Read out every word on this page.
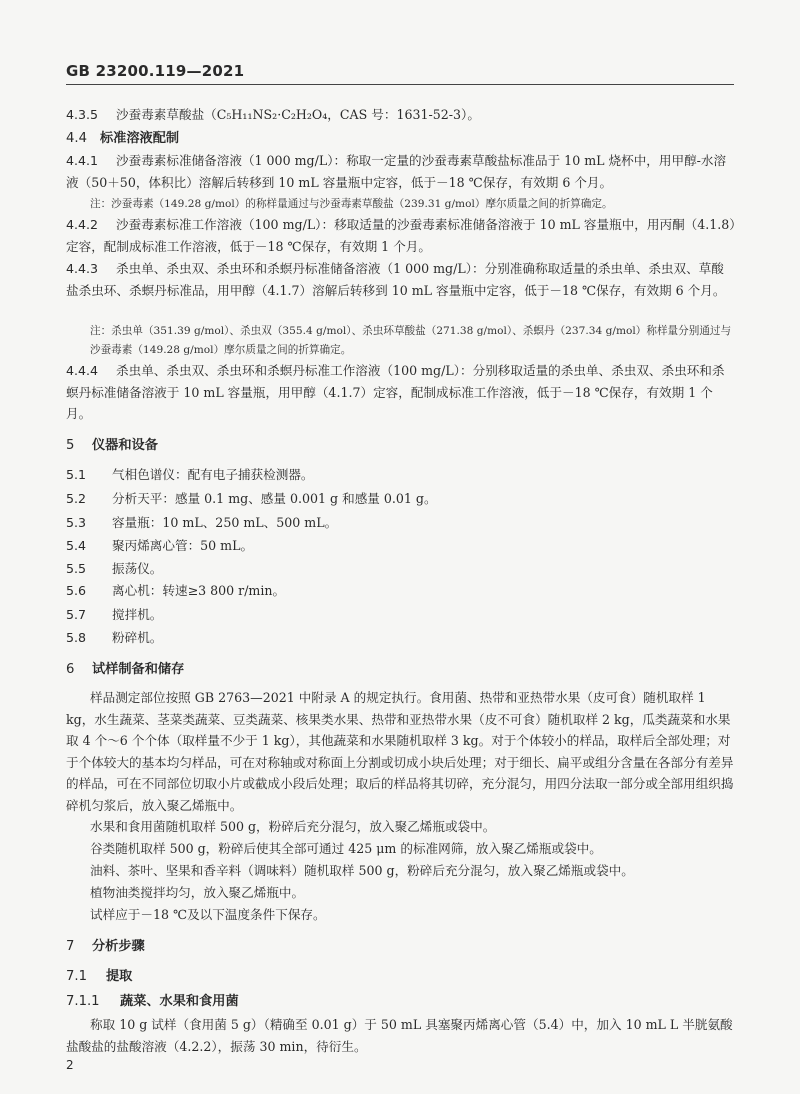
GB 23200.119—2021
4.3.5 沙蚕毒素草酸盐（C₅H₁₁NS₂·C₂H₂O₄，CAS 号：1631-52-3）。
4.4 标准溶液配制
4.4.1 沙蚕毒素标准储备溶液（1 000 mg/L）：称取一定量的沙蚕毒素草酸盐标准品于 10 mL 烧杯中，用甲醇-水溶液（50＋50，体积比）溶解后转移到 10 mL 容量瓶中定容，低于－18 ℃保存，有效期 6 个月。
注：沙蚕毒素（149.28 g/mol）的称样量通过与沙蚕毒素草酸盐（239.31 g/mol）摩尔质量之间的折算确定。
4.4.2 沙蚕毒素标准工作溶液（100 mg/L）：移取适量的沙蚕毒素标准储备溶液于 10 mL 容量瓶中，用丙酮（4.1.8）定容，配制成标准工作溶液，低于－18 ℃保存，有效期 1 个月。
4.4.3 杀虫单、杀虫双、杀虫环和杀螟丹标准储备溶液（1 000 mg/L）：分别准确称取适量的杀虫单、杀虫双、草酸盐杀虫环、杀螟丹标准品，用甲醇（4.1.7）溶解后转移到 10 mL 容量瓶中定容，低于－18 ℃保存，有效期 6 个月。
注：杀虫单（351.39 g/mol）、杀虫双（355.4 g/mol）、杀虫环草酸盐（271.38 g/mol）、杀螟丹（237.34 g/mol）称样量分别通过与沙蚕毒素（149.28 g/mol）摩尔质量之间的折算确定。
4.4.4 杀虫单、杀虫双、杀虫环和杀螟丹标准工作溶液（100 mg/L）：分别移取适量的杀虫单、杀虫双、杀虫环和杀螟丹标准储备溶液于 10 mL 容量瓶，用甲醇（4.1.7）定容，配制成标准工作溶液，低于－18 ℃保存，有效期 1 个月。
5 仪器和设备
5.1 气相色谱仪：配有电子捕获检测器。
5.2 分析天平：感量 0.1 mg、感量 0.001 g 和感量 0.01 g。
5.3 容量瓶：10 mL、250 mL、500 mL。
5.4 聚丙烯离心管：50 mL。
5.5 振荡仪。
5.6 离心机：转速≥3 800 r/min。
5.7 搅拌机。
5.8 粉碎机。
6 试样制备和储存
样品测定部位按照 GB 2763—2021 中附录 A 的规定执行。食用菌、热带和亚热带水果（皮可食）随机取样 1 kg，水生蔬菜、茎菜类蔬菜、豆类蔬菜、核果类水果、热带和亚热带水果（皮不可食）随机取样 2 kg，瓜类蔬菜和水果取 4 个～6 个个体（取样量不少于 1 kg），其他蔬菜和水果随机取样 3 kg。对于个体较小的样品，取样后全部处理；对于个体较大的基本均匀样品，可在对称轴或对称面上分割或切成小块后处理；对于细长、扁平或组分含量在各部分有差异的样品，可在不同部位切取小片或截成小段后处理；取后的样品将其切碎，充分混匀，用四分法取一部分或全部用组织捣碎机匀浆后，放入聚乙烯瓶中。
水果和食用菌随机取样 500 g，粉碎后充分混匀，放入聚乙烯瓶或袋中。
谷类随机取样 500 g，粉碎后使其全部可通过 425 μm 的标准网筛，放入聚乙烯瓶或袋中。
油料、茶叶、坚果和香辛料（调味料）随机取样 500 g，粉碎后充分混匀，放入聚乙烯瓶或袋中。
植物油类搅拌均匀，放入聚乙烯瓶中。
试样应于－18 ℃及以下温度条件下保存。
7 分析步骤
7.1 提取
7.1.1 蔬菜、水果和食用菌
称取 10 g 试样（食用菌 5 g）（精确至 0.01 g）于 50 mL 具塞聚丙烯离心管（5.4）中，加入 10 mL L 半胱氨酸盐酸盐的盐酸溶液（4.2.2），振荡 30 min，待衍生。
2
